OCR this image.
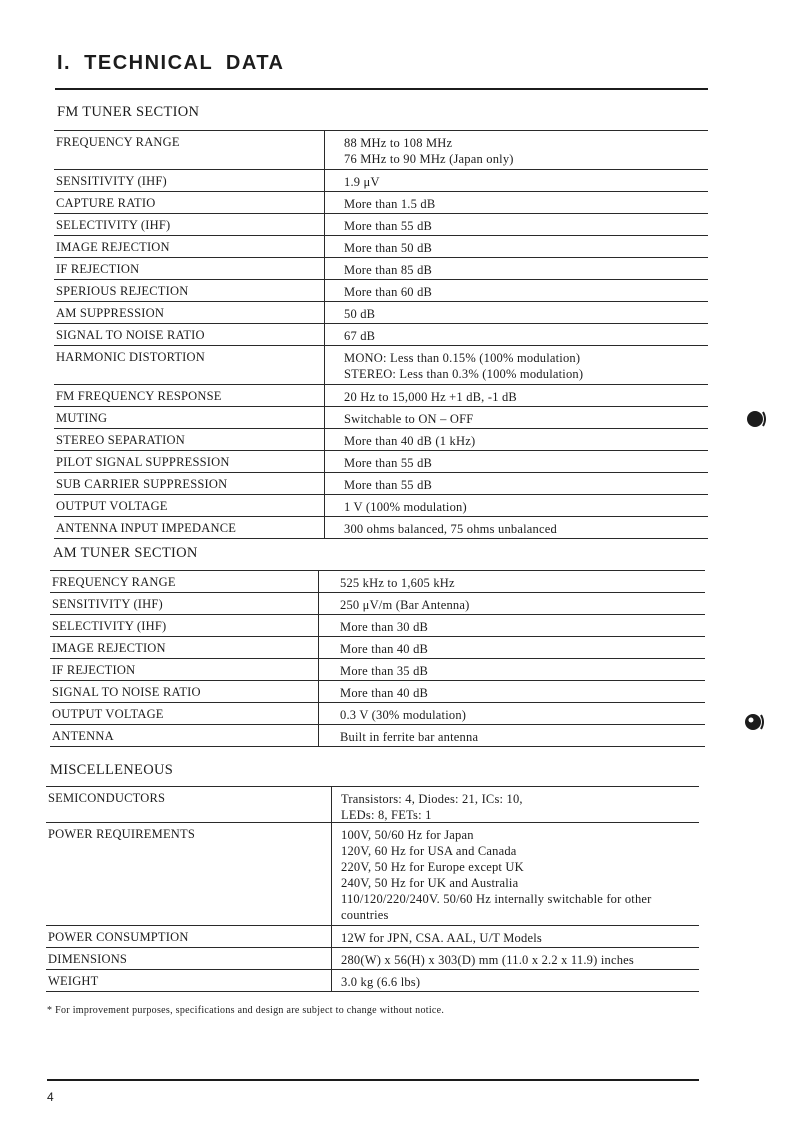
I. TECHNICAL DATA
FM TUNER SECTION
FREQUENCY RANGE	88 MHz to 108 MHz
76 MHz to 90 MHz (Japan only)
SENSITIVITY (IHF)	1.9 μV
CAPTURE RATIO	More than 1.5 dB
SELECTIVITY (IHF)	More than 55 dB
IMAGE REJECTION	More than 50 dB
IF REJECTION	More than 85 dB
SPERIOUS REJECTION	More than 60 dB
AM SUPPRESSION	50 dB
SIGNAL TO NOISE RATIO	67 dB
HARMONIC DISTORTION	MONO: Less than 0.15% (100% modulation)
STEREO: Less than 0.3% (100% modulation)
FM FREQUENCY RESPONSE	20 Hz to 15,000 Hz +1 dB, -1 dB
MUTING	Switchable to ON – OFF
STEREO SEPARATION	More than 40 dB (1 kHz)
PILOT SIGNAL SUPPRESSION	More than 55 dB
SUB CARRIER SUPPRESSION	More than 55 dB
OUTPUT VOLTAGE	1 V (100% modulation)
ANTENNA INPUT IMPEDANCE	300 ohms balanced, 75 ohms unbalanced
AM TUNER SECTION
FREQUENCY RANGE	525 kHz to 1,605 kHz
SENSITIVITY (IHF)	250 μV/m (Bar Antenna)
SELECTIVITY (IHF)	More than 30 dB
IMAGE REJECTION	More than 40 dB
IF REJECTION	More than 35 dB
SIGNAL TO NOISE RATIO	More than 40 dB
OUTPUT VOLTAGE	0.3 V (30% modulation)
ANTENNA	Built in ferrite bar antenna
MISCELLENEOUS
SEMICONDUCTORS	Transistors: 4, Diodes: 21, ICs: 10,
LEDs: 8, FETs: 1
POWER REQUIREMENTS	100V, 50/60 Hz for Japan
120V, 60 Hz for USA and Canada
220V, 50 Hz for Europe except UK
240V, 50 Hz for UK and Australia
110/120/220/240V. 50/60 Hz internally switchable for other
countries
POWER CONSUMPTION	12W for JPN, CSA. AAL, U/T Models
DIMENSIONS	280(W) x 56(H) x 303(D) mm (11.0 x 2.2 x 11.9) inches
WEIGHT	3.0 kg (6.6 lbs)
* For improvement purposes, specifications and design are subject to change without notice.
4
